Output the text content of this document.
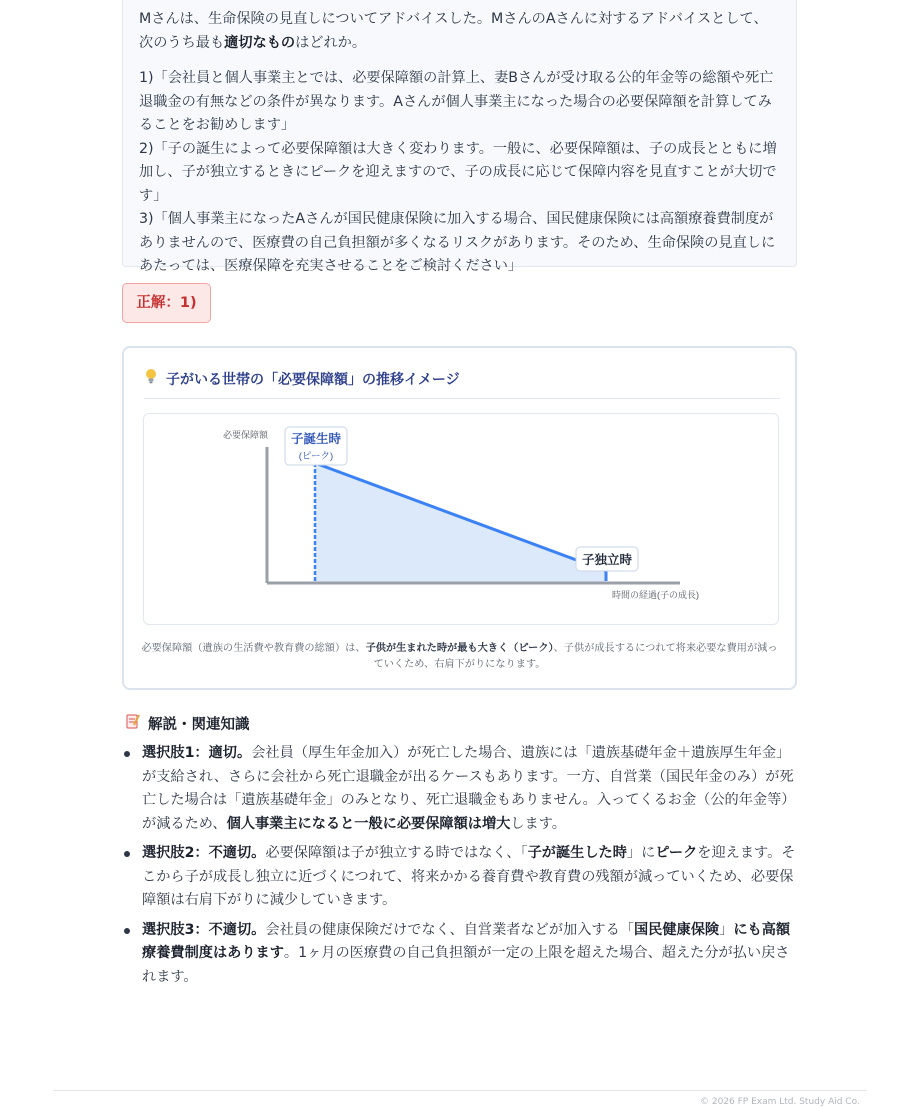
Mさんは、生命保険の見直しについてアドバイスした。MさんのAさんに対するアドバイスとして、次のうち最も適切なものはどれか。

1)「会社員と個人事業主とでは、必要保障額の計算上、妻Bさんが受け取る公的年金等の総額や死亡退職金の有無などの条件が異なります。Aさんが個人事業主になった場合の必要保障額を計算してみることをお勧めします」

2)「子の誕生によって必要保障額は大きく変わります。一般に、必要保障額は、子の成長とともに増加し、子が独立するときにピークを迎えますので、子の成長に応じて保障内容を見直すことが大切です」

3)「個人事業主になったAさんが国民健康保険に加入する場合、国民健康保険には高額療養費制度がありませんので、医療費の自己負担額が多くなるリスクがあります。そのため、生命保険の見直しにあたっては、医療保障を充実させることをご検討ください」

正解：1)
子がいる世帯の「必要保障額」の推移イメージ
必要保障額
時間の経過(子の成長)
子誕生時
(ピーク)
子独立時
必要保障額（遺族の生活費や教育費の総額）は、子供が生まれた時が最も大きく（ピーク）、子供が成長するにつれて将来必要な費用が減っていくため、右肩下がりになります。
解説・関連知識
選択肢1：適切。会社員（厚生年金加入）が死亡した場合、遺族には「遺族基礎年金＋遺族厚生年金」が支給され、さらに会社から死亡退職金が出るケースもあります。一方、自営業（国民年金のみ）が死亡した場合は「遺族基礎年金」のみとなり、死亡退職金もありません。入ってくるお金（公的年金等）が減るため、個人事業主になると一般に必要保障額は増大します。
選択肢2：不適切。必要保障額は子が独立する時ではなく、「子が誕生した時」にピークを迎えます。そこから子が成長し独立に近づくにつれて、将来かかる養育費や教育費の残額が減っていくため、必要保障額は右肩下がりに減少していきます。
選択肢3：不適切。会社員の健康保険だけでなく、自営業者などが加入する「国民健康保険」にも高額療養費制度はあります。1ヶ月の医療費の自己負担額が一定の上限を超えた場合、超えた分が払い戻されます。
© 2026 FP Exam Ltd. Study Aid Co.
